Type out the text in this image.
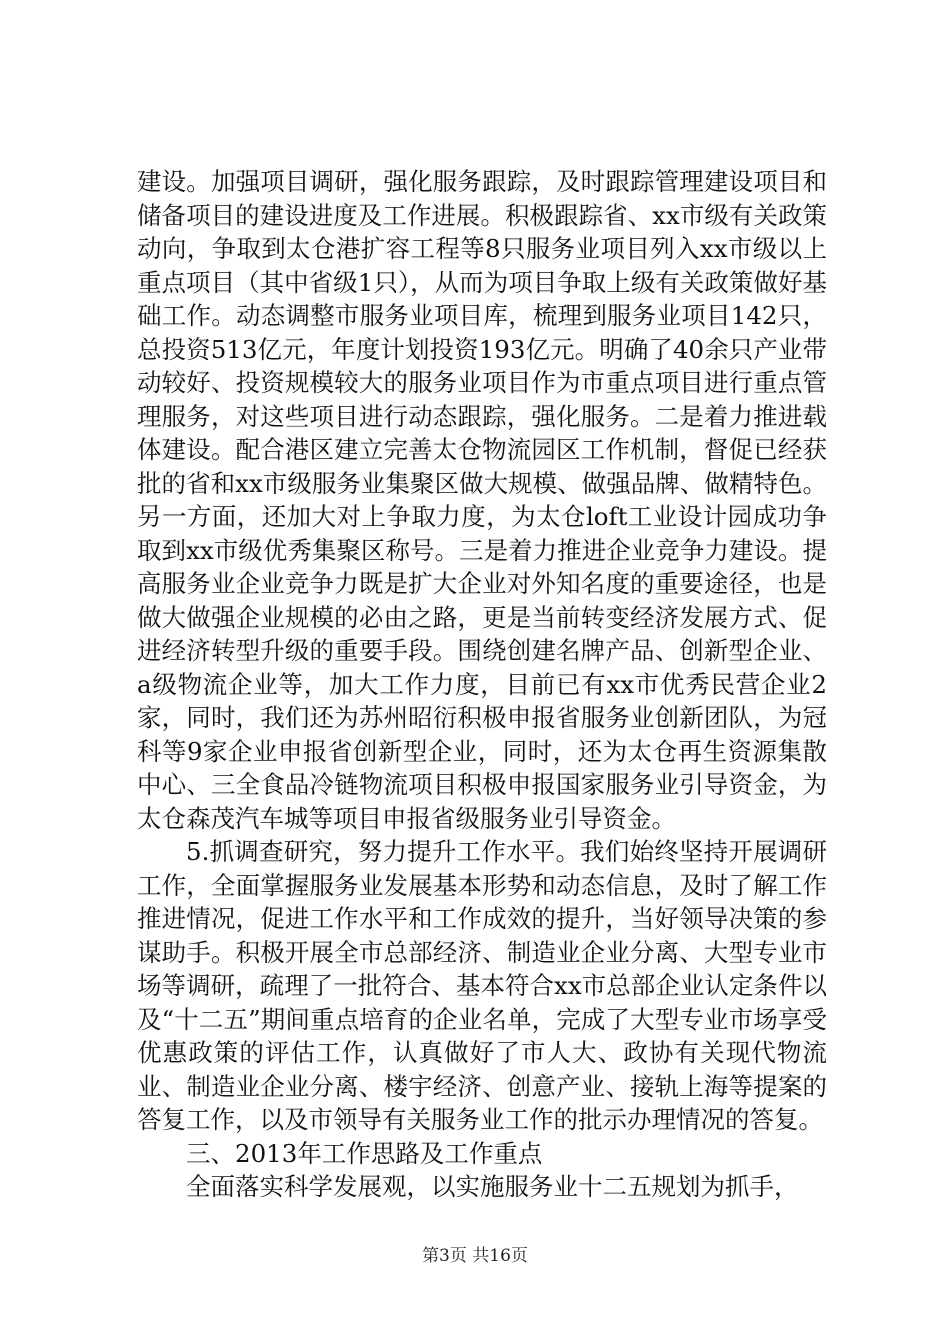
建设。加强项目调研，强化服务跟踪，及时跟踪管理建设项目和储备项目的建设进度及工作进展。积极跟踪省、xx市级有关政策动向，争取到太仓港扩容工程等8只服务业项目列入xx市级以上重点项目（其中省级1只），从而为项目争取上级有关政策做好基础工作。动态调整市服务业项目库，梳理到服务业项目142只，总投资513亿元，年度计划投资193亿元。明确了40余只产业带动较好、投资规模较大的服务业项目作为市重点项目进行重点管理服务，对这些项目进行动态跟踪，强化服务。二是着力推进载体建设。配合港区建立完善太仓物流园区工作机制，督促已经获批的省和xx市级服务业集聚区做大规模、做强品牌、做精特色。另一方面，还加大对上争取力度，为太仓loft工业设计园成功争取到xx市级优秀集聚区称号。三是着力推进企业竞争力建设。提高服务业企业竞争力既是扩大企业对外知名度的重要途径，也是做大做强企业规模的必由之路，更是当前转变经济发展方式、促进经济转型升级的重要手段。围绕创建名牌产品、创新型企业、a级物流企业等，加大工作力度，目前已有xx市优秀民营企业2家，同时，我们还为苏州昭衍积极申报省服务业创新团队，为冠科等9家企业申报省创新型企业，同时，还为太仓再生资源集散中心、三全食品冷链物流项目积极申报国家服务业引导资金，为太仓森茂汽车城等项目申报省级服务业引导资金。

5.抓调查研究，努力提升工作水平。我们始终坚持开展调研工作，全面掌握服务业发展基本形势和动态信息，及时了解工作推进情况，促进工作水平和工作成效的提升，当好领导决策的参谋助手。积极开展全市总部经济、制造业企业分离、大型专业市场等调研，疏理了一批符合、基本符合xx市总部企业认定条件以及“十二五”期间重点培育的企业名单，完成了大型专业市场享受优惠政策的评估工作，认真做好了市人大、政协有关现代物流业、制造业企业分离、楼宇经济、创意产业、接轨上海等提案的答复工作，以及市领导有关服务业工作的批示办理情况的答复。

三、2013年工作思路及工作重点

全面落实科学发展观，以实施服务业十二五规划为抓手，

第3页 共16页
